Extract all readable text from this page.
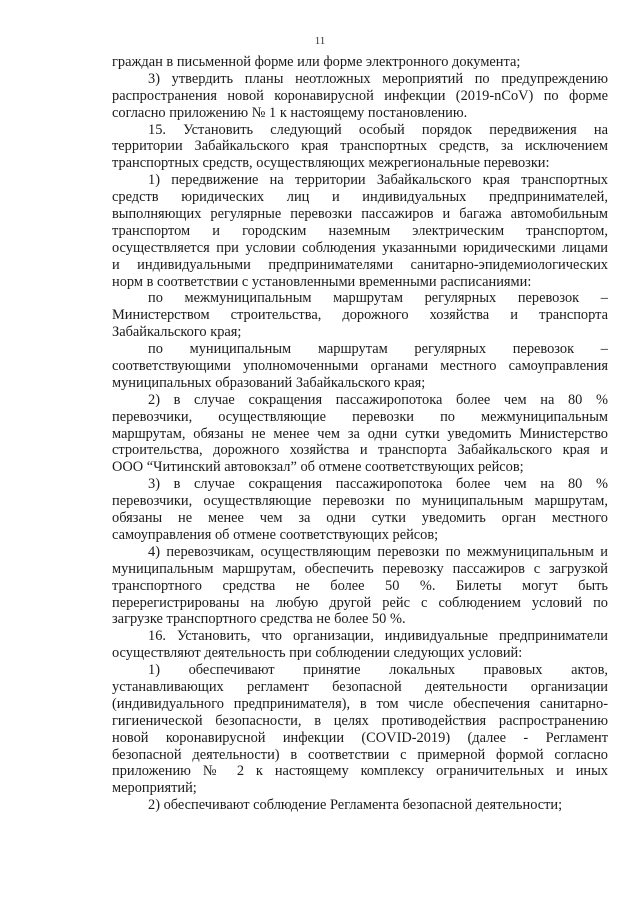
11
граждан в письменной форме или форме электронного документа;
3) утвердить планы неотложных мероприятий по предупреждению
распространения новой коронавирусной инфекции (2019-nCoV) по форме
согласно приложению № 1 к настоящему постановлению.
15. Установить следующий особый порядок передвижения на
территории Забайкальского края транспортных средств, за исключением
транспортных средств, осуществляющих межрегиональные перевозки:
1) передвижение на территории Забайкальского края транспортных
средств юридических лиц и индивидуальных предпринимателей,
выполняющих регулярные перевозки пассажиров и багажа автомобильным
транспортом и городским наземным электрическим транспортом,
осуществляется при условии соблюдения указанными юридическими лицами
и индивидуальными предпринимателями санитарно-эпидемиологических
норм в соответствии с установленными временными расписаниями:
по межмуниципальным маршрутам регулярных перевозок –
Министерством строительства, дорожного хозяйства и транспорта
Забайкальского края;
по муниципальным маршрутам регулярных перевозок –
соответствующими уполномоченными органами местного самоуправления
муниципальных образований Забайкальского края;
2) в случае сокращения пассажиропотока более чем на 80 %
перевозчики, осуществляющие перевозки по межмуниципальным
маршрутам, обязаны не менее чем за одни сутки уведомить Министерство
строительства, дорожного хозяйства и транспорта Забайкальского края и
ООО “Читинский автовокзал” об отмене соответствующих рейсов;
3) в случае сокращения пассажиропотока более чем на 80 %
перевозчики, осуществляющие перевозки по муниципальным маршрутам,
обязаны не менее чем за одни сутки уведомить орган местного
самоуправления об отмене соответствующих рейсов;
4) перевозчикам, осуществляющим перевозки по межмуниципальным и
муниципальным маршрутам, обеспечить перевозку пассажиров с загрузкой
транспортного средства не более 50 %. Билеты могут быть
перерегистрированы на любую другой рейс с соблюдением условий по
загрузке транспортного средства не более 50 %.
16. Установить, что организации, индивидуальные предприниматели
осуществляют деятельность при соблюдении следующих условий:
1) обеспечивают принятие локальных правовых актов,
устанавливающих регламент безопасной деятельности организации
(индивидуального предпринимателя), в том числе обеспечения санитарно-
гигиенической безопасности, в целях противодействия распространению
новой коронавирусной инфекции (COVID-2019) (далее - Регламент
безопасной деятельности) в соответствии с примерной формой согласно
приложению № 2 к настоящему комплексу ограничительных и иных
мероприятий;
2) обеспечивают соблюдение Регламента безопасной деятельности;
